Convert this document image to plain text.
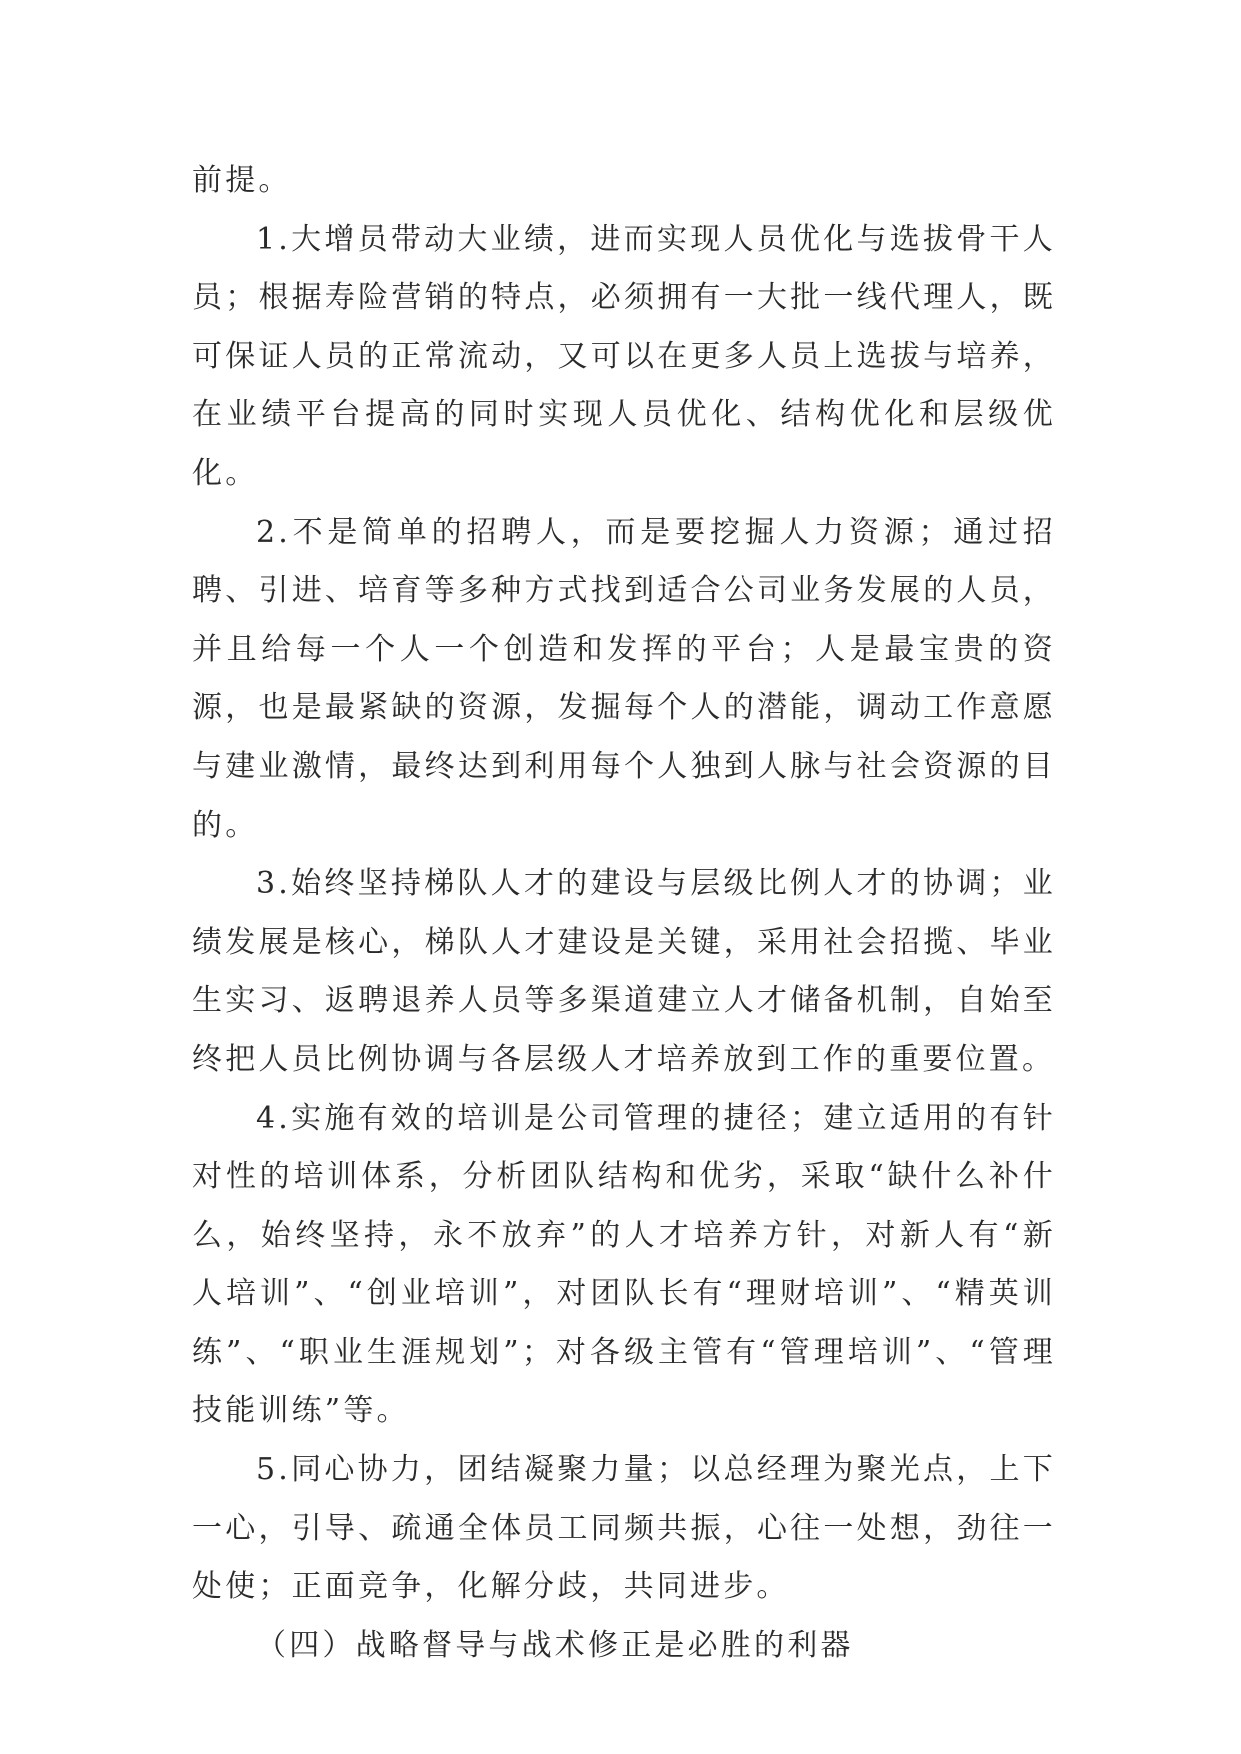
前提。

1.大增员带动大业绩，进而实现人员优化与选拔骨干人员；根据寿险营销的特点，必须拥有一大批一线代理人，既可保证人员的正常流动，又可以在更多人员上选拔与培养，在业绩平台提高的同时实现人员优化、结构优化和层级优化。

2.不是简单的招聘人，而是要挖掘人力资源；通过招聘、引进、培育等多种方式找到适合公司业务发展的人员，并且给每一个人一个创造和发挥的平台；人是最宝贵的资源，也是最紧缺的资源，发掘每个人的潜能，调动工作意愿与建业激情，最终达到利用每个人独到人脉与社会资源的目的。

3.始终坚持梯队人才的建设与层级比例人才的协调；业绩发展是核心，梯队人才建设是关键，采用社会招揽、毕业生实习、返聘退养人员等多渠道建立人才储备机制，自始至终把人员比例协调与各层级人才培养放到工作的重要位置。

4.实施有效的培训是公司管理的捷径；建立适用的有针对性的培训体系，分析团队结构和优劣，采取“缺什么补什么，始终坚持，永不放弃”的人才培养方针，对新人有“新人培训”、“创业培训”，对团队长有“理财培训”、“精英训练”、“职业生涯规划”；对各级主管有“管理培训”、“管理技能训练”等。

5.同心协力，团结凝聚力量；以总经理为聚光点，上下一心，引导、疏通全体员工同频共振，心往一处想，劲往一处使；正面竞争，化解分歧，共同进步。

（四）战略督导与战术修正是必胜的利器
